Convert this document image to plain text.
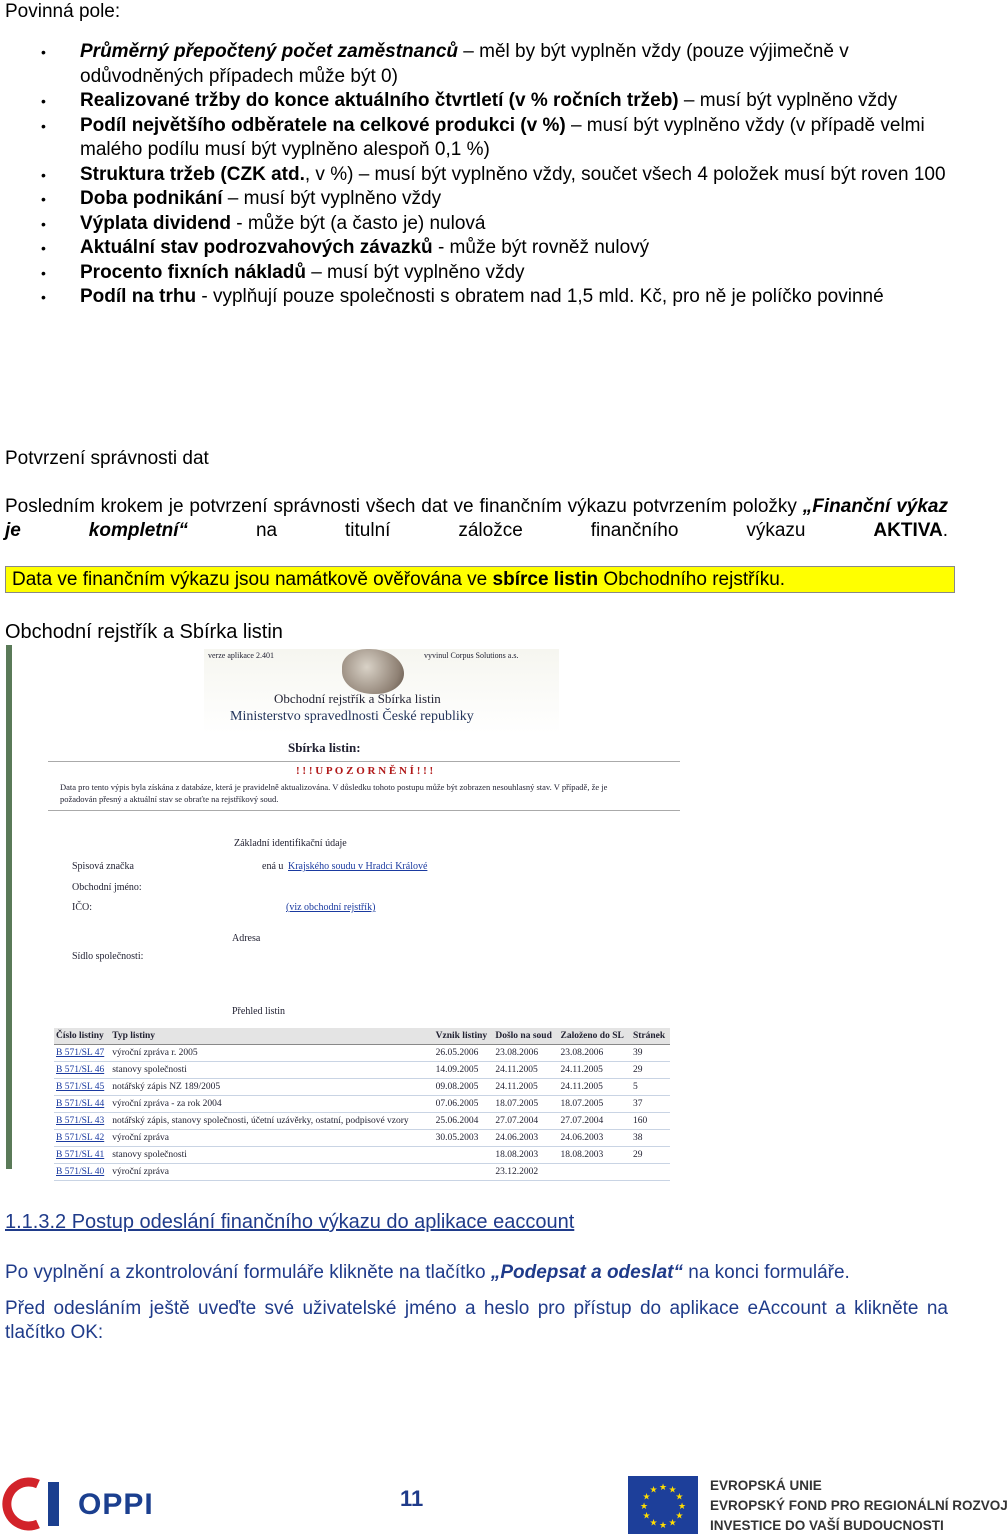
Povinná pole:
• Průměrný přepočtený počet zaměstnanců – měl by být vyplněn vždy (pouze výjimečně v odůvodněných případech může být 0)
• Realizované tržby do konce aktuálního čtvrtletí (v % ročních tržeb) – musí být vyplněno vždy
• Podíl největšího odběratele na celkové produkci (v %) – musí být vyplněno vždy (v případě velmi malého podílu musí být vyplněno alespoň 0,1 %)
• Struktura tržeb (CZK atd., v %) – musí být vyplněno vždy, součet všech 4 položek musí být roven 100
• Doba podnikání – musí být vyplněno vždy
• Výplata dividend - může být (a často je) nulová
• Aktuální stav podrozvahových závazků - může být rovněž nulový
• Procento fixních nákladů – musí být vyplněno vždy
• Podíl na trhu - vyplňují pouze společnosti s obratem nad 1,5 mld. Kč, pro ně je políčko povinné
Potvrzení správnosti dat
Posledním krokem je potvrzení správnosti všech dat ve finančním výkazu potvrzením položky „Finanční výkaz je kompletní“ na titulní záložce finančního výkazu AKTIVA.
Data ve finančním výkazu jsou namátkově ověřována ve sbírce listin Obchodního rejstříku.
Obchodní rejstřík a Sbírka listin
verze aplikace 2.401	vyvinul Corpus Solutions a.s.
Obchodní rejstřík a Sbírka listin
Ministerstvo spravedlnosti České republiky
Sbírka listin:
! ! ! U P O Z O R N Ě N Í ! ! !
Data pro tento výpis byla získána z databáze, která je pravidelně aktualizována. V důsledku tohoto postupu může být zobrazen nesouhlasný stav. V případě, že je požadován přesný a aktuální stav se obraťte na rejstříkový soud.
Základní identifikační údaje
Spisová značka	ená u Krajského soudu v Hradci Králové
Obchodní jméno:
IČO:	(viz obchodní rejstřík)
Adresa
Sídlo společnosti:
Přehled listin
Číslo listiny	Typ listiny	Vznik listiny	Došlo na soud	Založeno do SL	Stránek
B 571/SL 47	výroční zpráva r. 2005	26.05.2006	23.08.2006	23.08.2006	39
B 571/SL 46	stanovy společnosti	14.09.2005	24.11.2005	24.11.2005	29
B 571/SL 45	notářský zápis NZ 189/2005	09.08.2005	24.11.2005	24.11.2005	5
B 571/SL 44	výroční zpráva - za rok 2004	07.06.2005	18.07.2005	18.07.2005	37
B 571/SL 43	notářský zápis, stanovy společnosti, účetní uzávěrky, ostatní, podpisové vzory	25.06.2004	27.07.2004	27.07.2004	160
B 571/SL 42	výroční zpráva	30.05.2003	24.06.2003	24.06.2003	38
B 571/SL 41	stanovy společnosti		18.08.2003	18.08.2003	29
B 571/SL 40	výroční zpráva		23.12.2002		
1.1.3.2 Postup odeslání finančního výkazu do aplikace eaccount
Po vyplnění a zkontrolování formuláře klikněte na tlačítko „Podepsat a odeslat“ na konci formuláře.
Před odesláním ještě uveďte své uživatelské jméno a heslo pro přístup do aplikace eAccount a klikněte na tlačítko OK:
11
OPPI	★
★
★
★
★
★
★
★
★ ★ ★
★
EVROPSKÁ UNIE
EVROPSKÝ FOND PRO REGIONÁLNÍ ROZVOJ
INVESTICE DO VAŠÍ BUDOUCNOSTI
